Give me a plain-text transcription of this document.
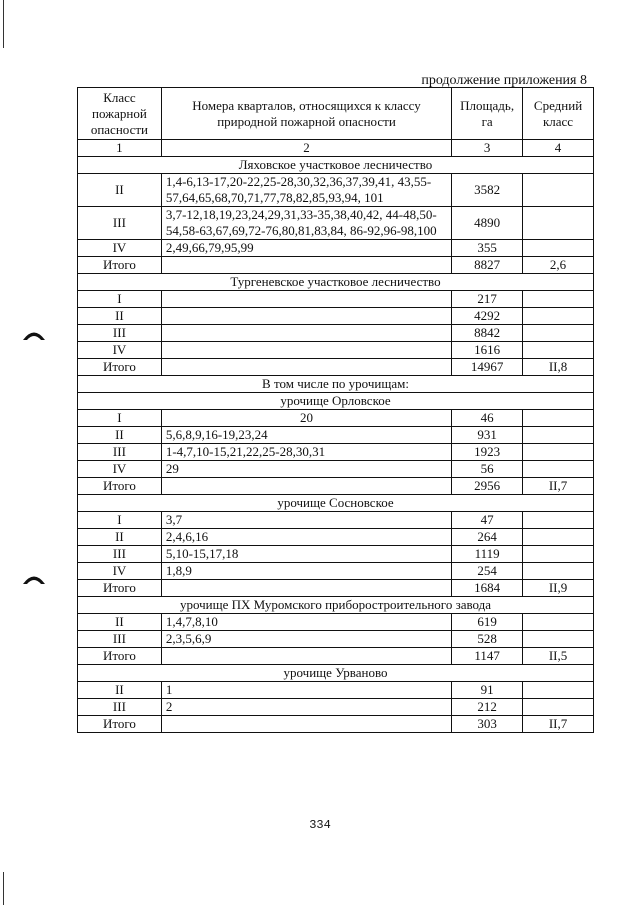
продолжение приложения 8
Класс пожарной опасности	Номера кварталов, относящихся к классу природной пожарной опасности	Площадь, га	Средний класс
1	2	3	4
Ляховское участковое лесничество			
II	1,4-6,13-17,20-22,25-28,30,32,36,37,39,41, 43,55-57,64,65,68,70,71,77,78,82,85,93,94, 101	3582	
III	3,7-12,18,19,23,24,29,31,33-35,38,40,42, 44-48,50-54,58-63,67,69,72-76,80,81,83,84, 86-92,96-98,100	4890	
IV	2,49,66,79,95,99	355	
Итого		8827	2,6
Тургеневское участковое лесничество			
I		217	
II		4292	
III		8842	
IV		1616	
Итого		14967	II,8
В том числе по урочищам:			
урочище Орловское			
I	20	46	
II	5,6,8,9,16-19,23,24	931	
III	1-4,7,10-15,21,22,25-28,30,31	1923	
IV	29	56	
Итого		2956	II,7
урочище Сосновское			
I	3,7	47	
II	2,4,6,16	264	
III	5,10-15,17,18	1119	
IV	1,8,9	254	
Итого		1684	II,9
урочище ПХ Муромского приборостроительного завода			
II	1,4,7,8,10	619	
III	2,3,5,6,9	528	
Итого		1147	II,5
урочище Урваново			
II	1	91	
III	2	212	
Итого		303	II,7
334
